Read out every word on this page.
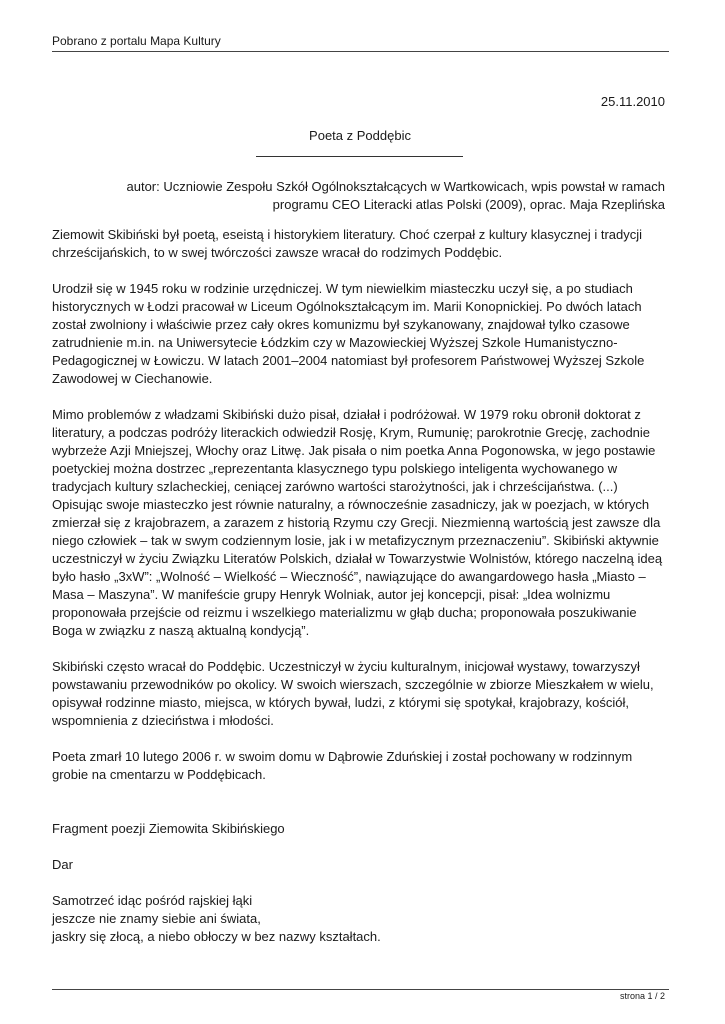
Pobrano z portalu Mapa Kultury
25.11.2010
Poeta z Poddębic
autor: Uczniowie Zespołu Szkół Ogólnokształcących w Wartkowicach, wpis powstał w ramach
programu CEO Literacki atlas Polski (2009), oprac. Maja Rzeplińska

Ziemowit Skibiński był poetą, eseistą i historykiem literatury. Choć czerpał z kultury klasycznej i tradycji chrześcijańskich, to w swej twórczości zawsze wracał do rodzimych Poddębic.

Urodził się w 1945 roku w rodzinie urzędniczej. W tym niewielkim miasteczku uczył się, a po studiach historycznych w Łodzi pracował w Liceum Ogólnokształcącym im. Marii Konopnickiej. Po dwóch latach został zwolniony i właściwie przez cały okres komunizmu był szykanowany, znajdował tylko czasowe zatrudnienie m.in. na Uniwersytecie Łódzkim czy w Mazowieckiej Wyższej Szkole Humanistyczno-Pedagogicznej w Łowiczu. W latach 2001–2004 natomiast był profesorem Państwowej Wyższej Szkole Zawodowej w Ciechanowie.

Mimo problemów z władzami Skibiński dużo pisał, działał i podróżował. W 1979 roku obronił doktorat z literatury, a podczas podróży literackich odwiedził Rosję, Krym, Rumunię; parokrotnie Grecję, zachodnie wybrzeże Azji Mniejszej, Włochy oraz Litwę. Jak pisała o nim poetka Anna Pogonowska, w jego postawie poetyckiej można dostrzec „reprezentanta klasycznego typu polskiego inteligenta wychowanego w tradycjach kultury szlacheckiej, ceniącej zarówno wartości starożytności, jak i chrześcijaństwa. (...) Opisując swoje miasteczko jest równie naturalny, a równocześnie zasadniczy, jak w poezjach, w których zmierzał się z krajobrazem, a zarazem z historią Rzymu czy Grecji. Niezmienną wartością jest zawsze dla niego człowiek – tak w swym codziennym losie, jak i w metafizycznym przeznaczeniu”. Skibiński aktywnie uczestniczył w życiu Związku Literatów Polskich, działał w Towarzystwie Wolnistów, którego naczelną ideą było hasło „3xW”: „Wolność – Wielkość – Wieczność”, nawiązujące do awangardowego hasła „Miasto – Masa – Maszyna”. W manifeście grupy Henryk Wolniak, autor jej koncepcji, pisał: „Idea wolnizmu proponowała przejście od reizmu i wszelkiego materializmu w głąb ducha; proponowała poszukiwanie Boga w związku z naszą aktualną kondycją”.

Skibiński często wracał do Poddębic. Uczestniczył w życiu kulturalnym, inicjował wystawy, towarzyszył powstawaniu przewodników po okolicy. W swoich wierszach, szczególnie w zbiorze Mieszkałem w wielu, opisywał rodzinne miasto, miejsca, w których bywał, ludzi, z którymi się spotykał, krajobrazy, kościół, wspomnienia z dzieciństwa i młodości.

Poeta zmarł 10 lutego 2006 r. w swoim domu w Dąbrowie Zduńskiej i został pochowany w rodzinnym grobie na cmentarzu w Poddębicach.

Fragment poezji Ziemowita Skibińskiego

Dar

Samotrzeć idąc pośród rajskiej łąki
jeszcze nie znamy siebie ani świata,
jaskry się złocą, a niebo obłoczy w bez nazwy kształtach.

strona 1 / 2
